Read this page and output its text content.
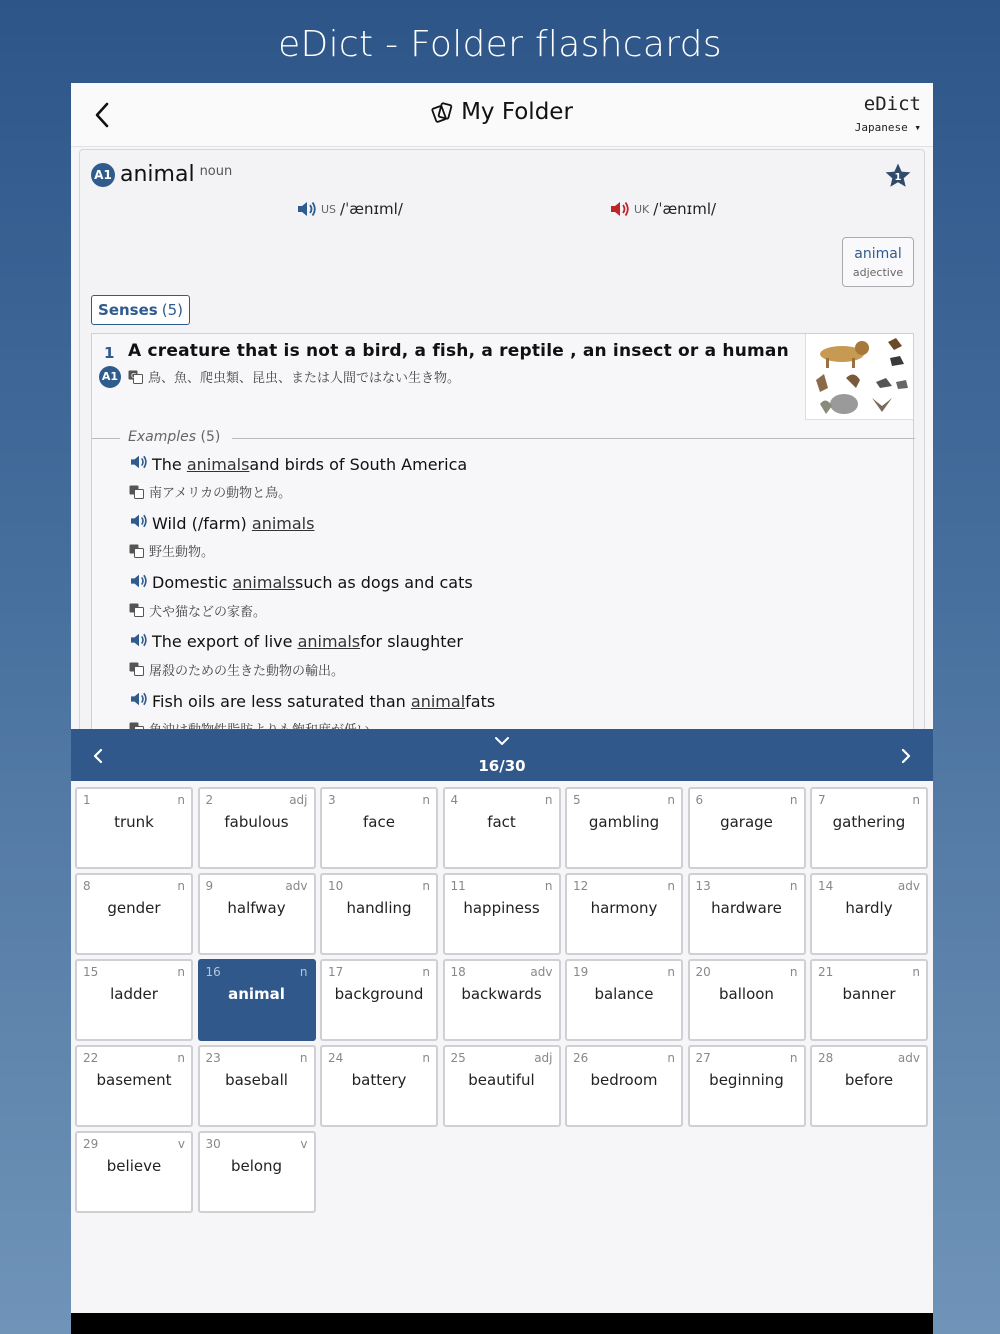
eDict - Folder flashcards
My Folder	eDict
Japanese ▾
A1 animal noun	1
US /ˈænɪml/	UK /ˈænɪml/
animal
adjective
Senses (5)
1
A1
A creature that is not a bird, a fish, a reptile , an insect or a human
G 鳥、魚、爬虫類、昆虫、または人間ではない生き物。
Examples (5)
The
animals and birds of South America
南アメリカの動物と鳥。
Wild (/farm)
animals
野生動物。
Domestic
animals such as dogs and cats
犬や猫などの家畜。
The export of live
animals for slaughter
屠殺のための生きた動物の輸出。
Fish oils are less saturated than
animal fats
16/30
1	n
trunk
2	adj
fabulous
3	n
face
4	n
fact
5	n
gambling
6	n
garage
7	n
gathering
8	n
gender
9	adv
halfway
10	n
handling
11	n
happiness
12	n
harmony
13	n
hardware
14	adv
hardly
15	n
ladder
16	n
animal
17	n
background
18	adv
backwards
19	n
balance
20	n
balloon
21	n
banner
22	n
basement
23	n
baseball
24	n
battery
25	adj
beautiful
26	n
bedroom
27	n
beginning
28	adv
before
29	v
believe
30	v
belong
